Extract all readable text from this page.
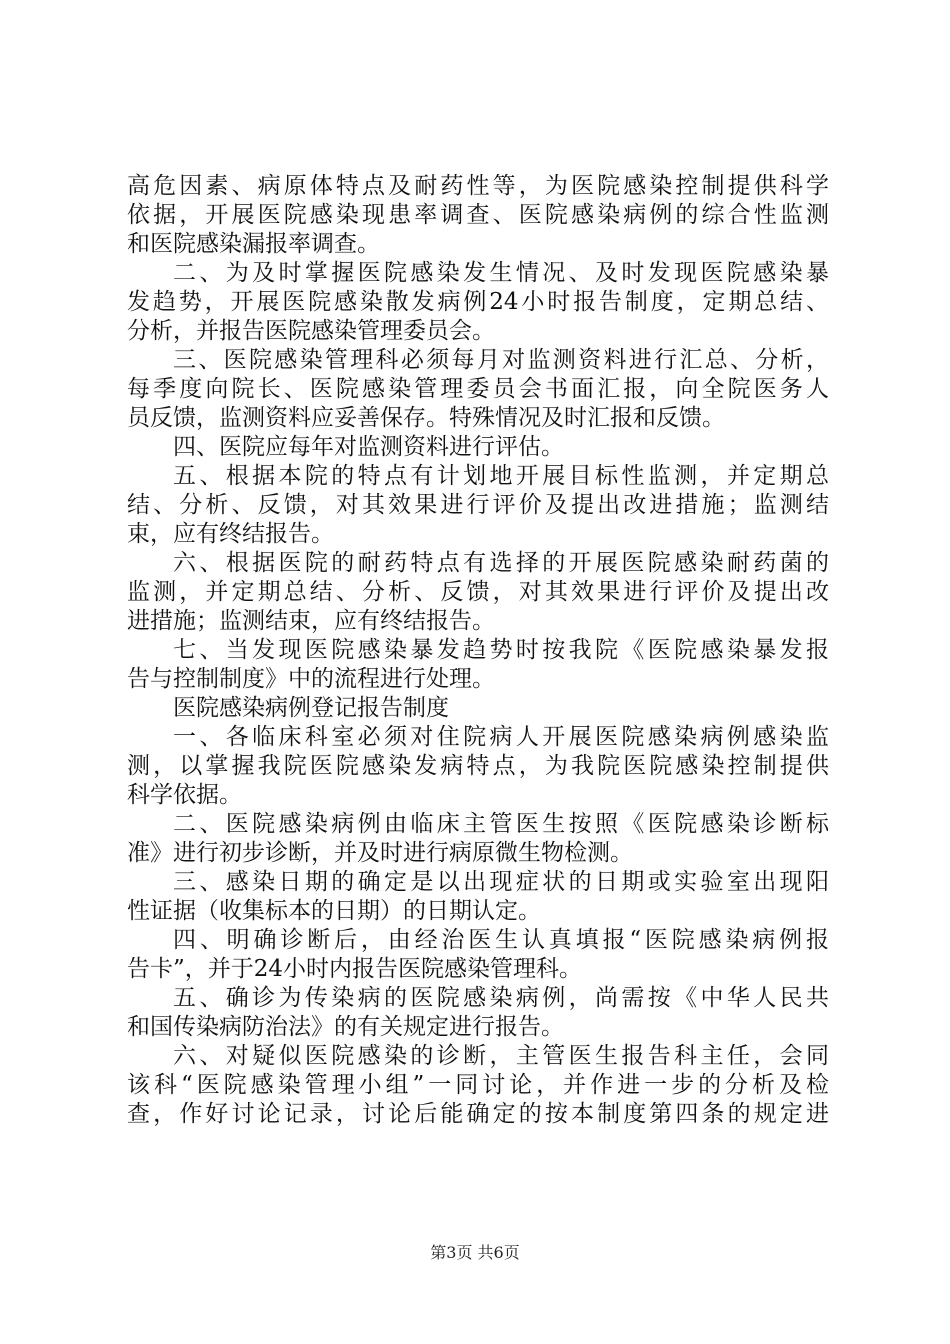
高危因素、病原体特点及耐药性等，为医院感染控制提供科学
依据，开展医院感染现患率调查、医院感染病例的综合性监测
和医院感染漏报率调查。
二、为及时掌握医院感染发生情况、及时发现医院感染暴
发趋势，开展医院感染散发病例24小时报告制度，定期总结、
分析，并报告医院感染管理委员会。
三、医院感染管理科必须每月对监测资料进行汇总、分析，
每季度向院长、医院感染管理委员会书面汇报，向全院医务人
员反馈，监测资料应妥善保存。特殊情况及时汇报和反馈。
四、医院应每年对监测资料进行评估。
五、根据本院的特点有计划地开展目标性监测，并定期总
结、分析、反馈，对其效果进行评价及提出改进措施；监测结
束，应有终结报告。
六、根据医院的耐药特点有选择的开展医院感染耐药菌的
监测，并定期总结、分析、反馈，对其效果进行评价及提出改
进措施；监测结束，应有终结报告。
七、当发现医院感染暴发趋势时按我院《医院感染暴发报
告与控制制度》中的流程进行处理。
医院感染病例登记报告制度
一、各临床科室必须对住院病人开展医院感染病例感染监
测，以掌握我院医院感染发病特点，为我院医院感染控制提供
科学依据。
二、医院感染病例由临床主管医生按照《医院感染诊断标
准》进行初步诊断，并及时进行病原微生物检测。
三、感染日期的确定是以出现症状的日期或实验室出现阳
性证据（收集标本的日期）的日期认定。
四、明确诊断后，由经治医生认真填报“医院感染病例报
告卡”，并于24小时内报告医院感染管理科。
五、确诊为传染病的医院感染病例，尚需按《中华人民共
和国传染病防治法》的有关规定进行报告。
六、对疑似医院感染的诊断，主管医生报告科主任，会同
该科“医院感染管理小组”一同讨论，并作进一步的分析及检
查，作好讨论记录，讨论后能确定的按本制度第四条的规定进
第3页 共6页
